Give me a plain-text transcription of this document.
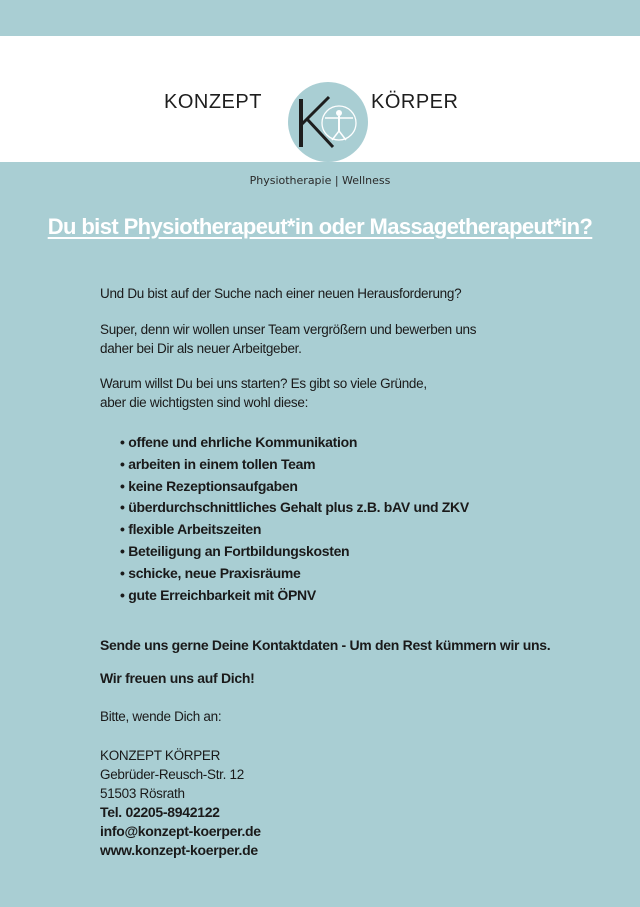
KONZEPT	KÖRPER
Physiotherapie | Wellness
Du bist Physiotherapeut*in oder Massagetherapeut*in?

Und Du bist auf der Suche nach einer neuen Herausforderung?

Super, denn wir wollen unser Team vergrößern und bewerben uns
daher bei Dir als neuer Arbeitgeber.

Warum willst Du bei uns starten? Es gibt so viele Gründe,
aber die wichtigsten sind wohl diese:

• offene und ehrliche Kommunikation
• arbeiten in einem tollen Team
• keine Rezeptionsaufgaben
• überdurchschnittliches Gehalt plus z.B. bAV und ZKV
• flexible Arbeitszeiten
• Beteiligung an Fortbildungskosten
• schicke, neue Praxisräume
• gute Erreichbarkeit mit ÖPNV

Sende uns gerne Deine Kontaktdaten - Um den Rest kümmern wir uns.

Wir freuen uns auf Dich!

Bitte, wende Dich an:

KONZEPT KÖRPER
Gebrüder-Reusch-Str. 12
51503 Rösrath
Tel. 02205-8942122
info@konzept-koerper.de
www.konzept-koerper.de
